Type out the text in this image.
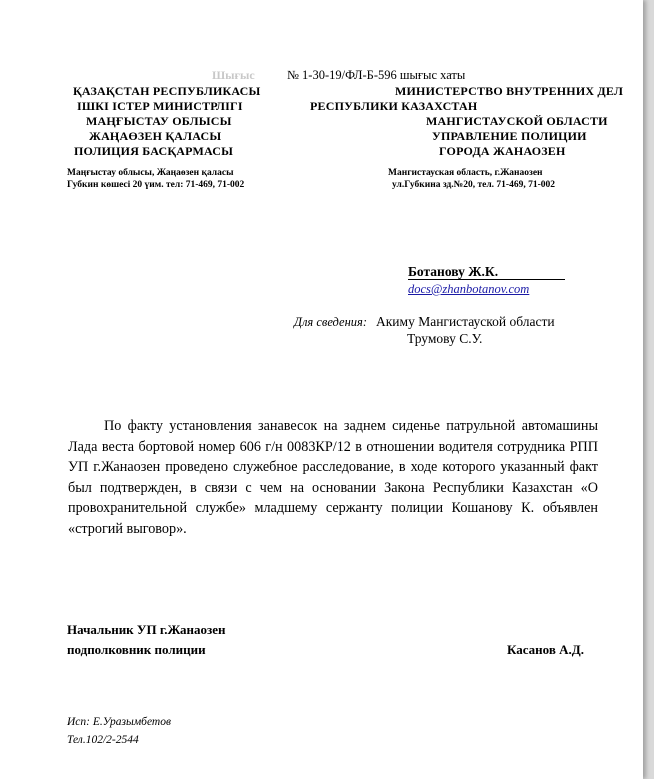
Шығыс	№ 1-30-19/ФЛ-Б-596 шығыс хаты
ҚАЗАҚСТАН РЕСПУБЛИКАСЫ
ІШКІ ІСТЕР МИНИСТРЛІГІ
МАҢҒЫСТАУ ОБЛЫСЫ
ЖАҢАӨЗЕН ҚАЛАСЫ
ПОЛИЦИЯ БАСҚАРМАСЫ
МИНИСТЕРСТВО ВНУТРЕННИХ ДЕЛ
РЕСПУБЛИКИ КАЗАХСТАН
МАНГИСТАУСКОЙ ОБЛАСТИ
УПРАВЛЕНИЕ ПОЛИЦИИ
ГОРОДА ЖАНАОЗЕН
Маңғыстау облысы, Жаңаөзен қаласы
Губкин көшесі 20 үим. тел: 71-469, 71-002
Мангистауская область, г.Жанаозен
ул.Губкина зд.№20, тел. 71-469, 71-002
Ботанову Ж.К.
docs@zhanbotanov.com
Для сведения: Акиму Мангистауской области
Трумову С.У.

По факту установления занавесок на заднем сиденье патрульной автомашины Лада веста бортовой номер 606 г/н 0083КР/12 в отношении водителя сотрудника РПП УП г.Жанаозен проведено служебное расследование, в ходе которого указанный факт был подтвержден, в связи с чем на основании Закона Республики Казахстан «О провохранительной службе» младшему сержанту полиции Кошанову К. объявлен «строгий выговор».

Начальник УП г.Жанаозен
подполковник полиции	Касанов А.Д.
Исп: Е.Уразымбетов
Тел.102/2-2544
